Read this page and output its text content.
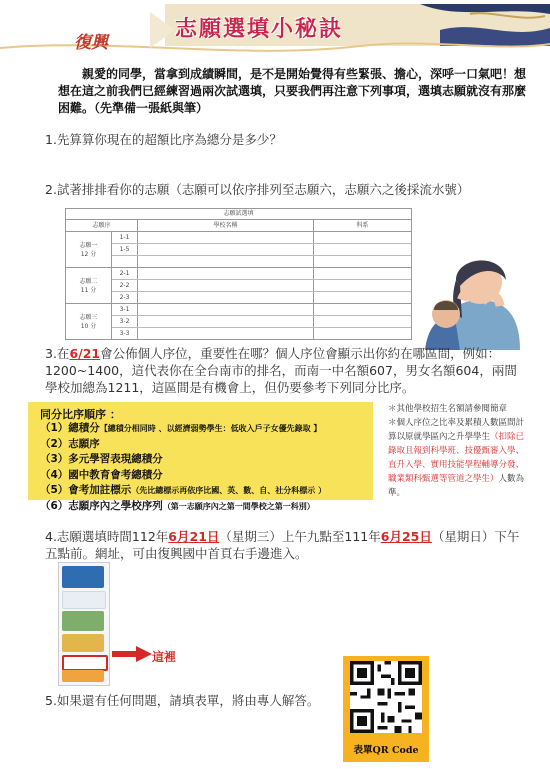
復興
志願選填小秘訣
親愛的同學，當拿到成績瞬間，是不是開始覺得有些緊張、擔心，深呼一口氣吧！想想在這之前我們已經練習過兩次試選填，只要我們再注意下列事項，選填志願就沒有那麼困難。（先準備一張紙與筆）
1.先算算你現在的超額比序為總分是多少？
2.試著排排看你的志願（志願可以依序排列至志願六，志願六之後採流水號）
志願試選填
志願序	學校名稱	科系
志願一
12 分
1-1
1-5
志願二
11 分
2-1
2-2
2-3
志願三
10 分
3-1
3-2
3-3
3.在6/21會公佈個人序位，重要性在哪？個人序位會顯示出你約在哪區間，例如：1200~1400，這代表你在全台南市的排名，而南一中名額607，男女名額604，兩間學校加總為1211，這區間是有機會上，但仍要參考下列同分比序。
同分比序順序 ：
（1）總積分【總積分相同時 、以經濟弱勢學生：低收入戶子女優先錄取 】
（2）志願序
（3）多元學習表現總積分
（4）國中教育會考總積分
（5）會考加註標示（先比總標示再依序比國、英、數、自、社分科標示 ）
（6）志願序內之學校序列（第一志願序內之第一間學校之第一科別）
＊其他學校招生名額請參閱簡章
＊個人序位之比率及累積人數區間計算以原就學區內之升學學生（扣除已錄取且報到科學班、技優甄審入學、直升入學、實用技能學程輔導分發、職業類科甄選等管道之學生）人數為準。
4.志願選填時間112年6月21日（星期三）上午九點至111年6月25日（星期日）下午五點前。網址，可由復興國中首頁右手邊進入。
這裡
5.如果還有任何問題，請填表單，將由專人解答。
表單QR Code
